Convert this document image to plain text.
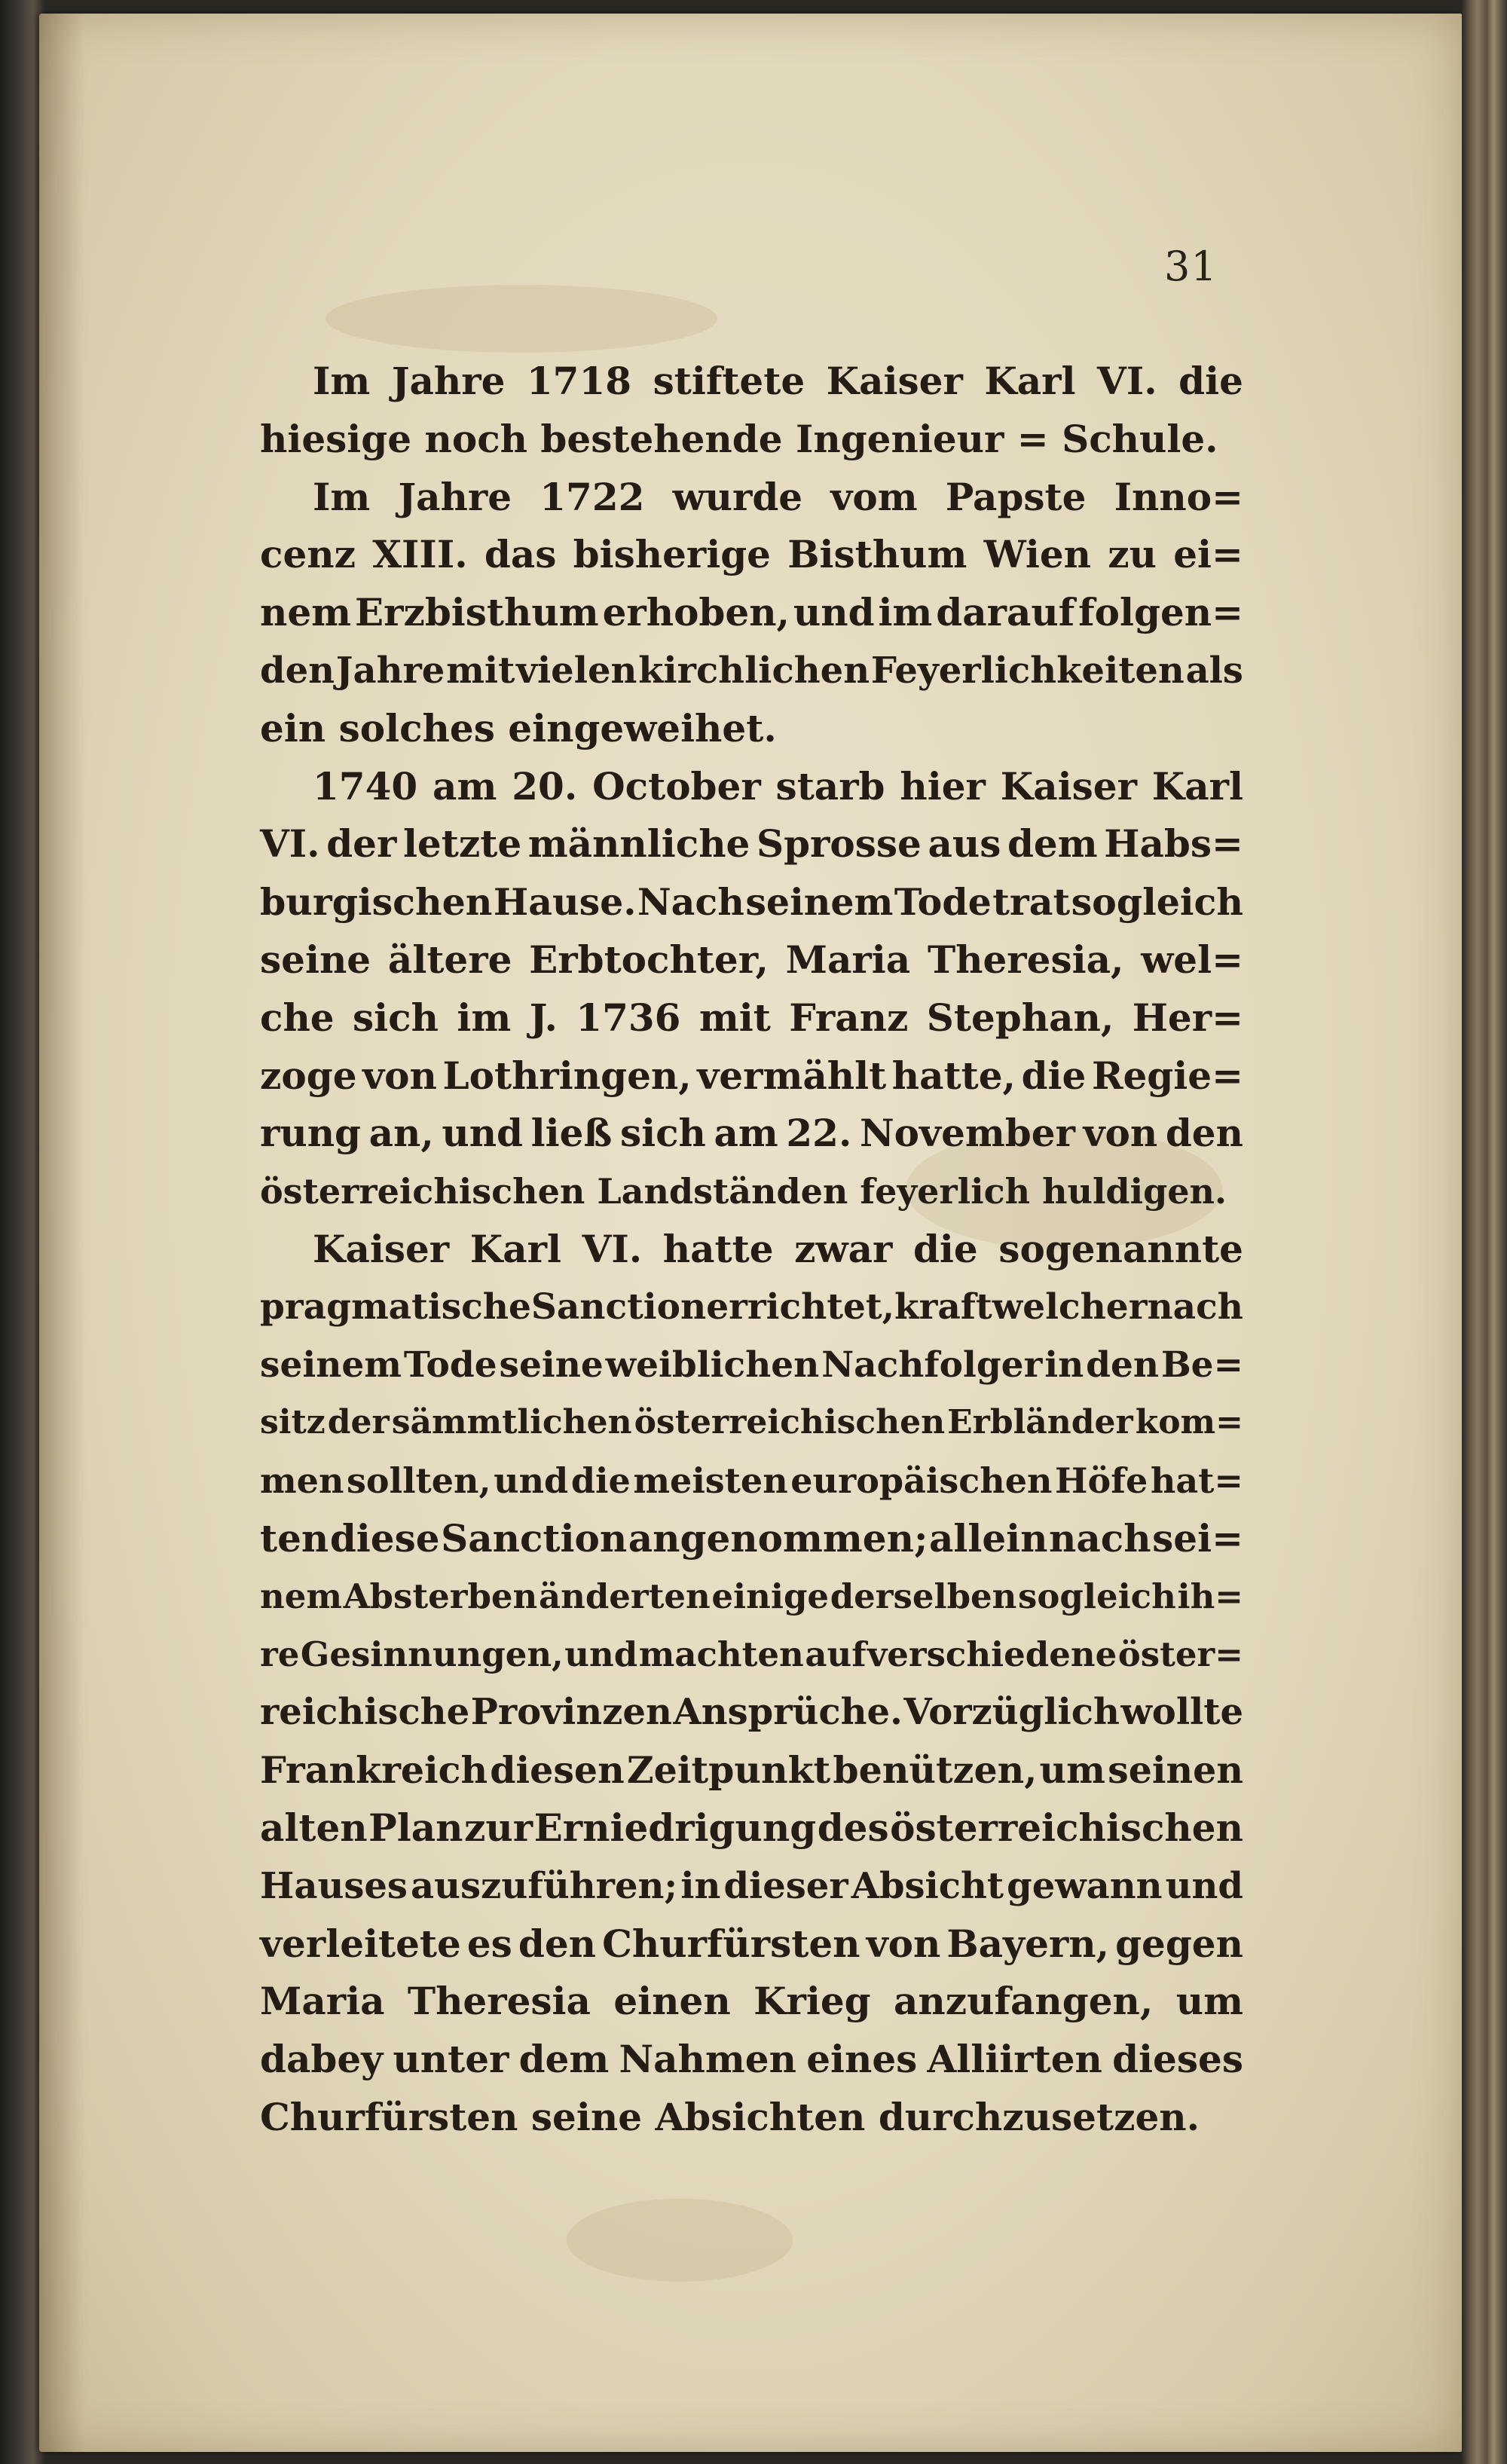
31
Im Jahre 1718 stiftete Kaiser Karl VI. die
hiesige
noch
bestehende
Ingenieur
=
Schule.
Im Jahre 1722 wurde vom Papste Inno=
cenz XIII. das bisherige Bisthum Wien zu ei=
nem Erzbisthum erhoben, und im darauf folgen=
den Jahre mit vielen kirchlichen Feyerlichkeiten als
ein
solches
eingeweihet.
1740 am 20. October starb hier Kaiser Karl
VI. der letzte männliche Sprosse aus dem Habs=
burgischen Hause. Nach seinem Tode trat sogleich
seine ältere Erbtochter, Maria Theresia, wel=
che sich im J. 1736 mit Franz Stephan, Her=
zoge von Lothringen, vermählt hatte, die Regie=
rung an, und ließ sich am 22. November von den
österreichischen
Landständen
feyerlich
huldigen.
Kaiser Karl VI. hatte zwar die sogenannte
pragmatische Sanction errichtet, kraft welcher nach
seinem Tode seine weiblichen Nachfolger in den Be=
sitz der sämmtlichen österreichischen Erbländer kom=
men sollten, und die meisten europäischen Höfe hat=
ten diese Sanction angenommen; allein nach sei=
nem Absterben änderten einige derselben sogleich ih=
re Gesinnungen, und machten auf verschiedene öster=
reichische Provinzen Ansprüche. Vorzüglich wollte
Frankreich diesen Zeitpunkt benützen, um seinen
alten Plan zur Erniedrigung des österreichischen
Hauses auszuführen; in dieser Absicht gewann und
verleitete es den Churfürsten von Bayern, gegen
Maria Theresia einen Krieg anzufangen, um
dabey unter dem Nahmen eines Alliirten dieses
Churfürsten
seine
Absichten
durchzusetzen.
